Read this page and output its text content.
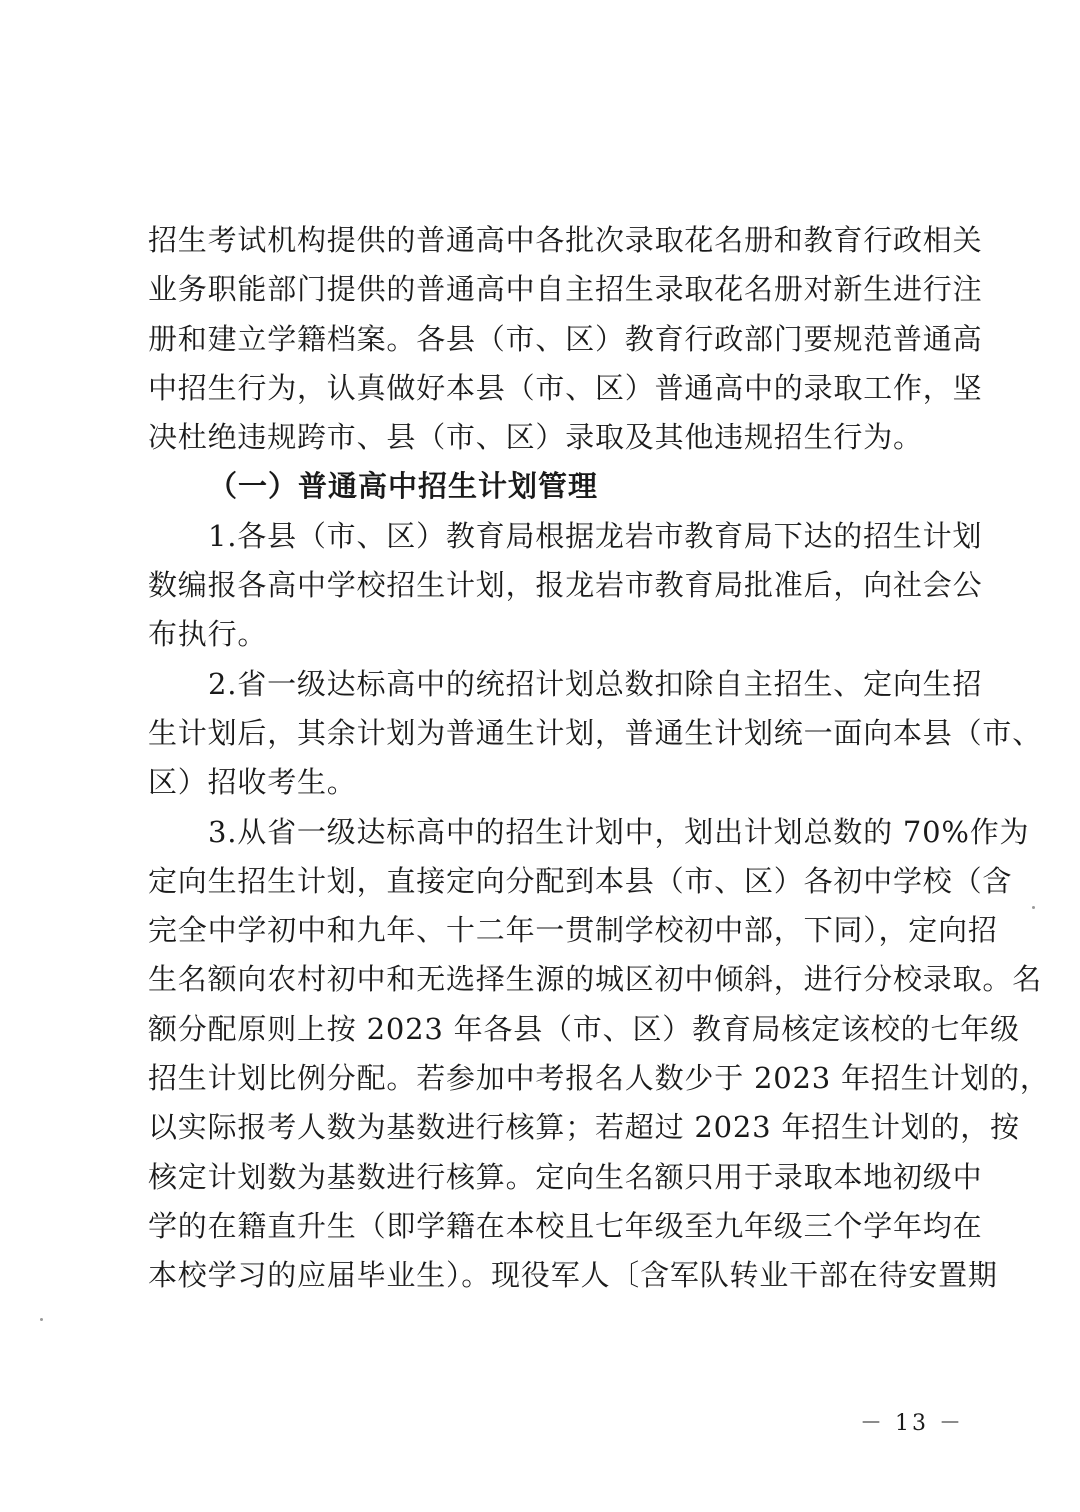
招生考试机构提供的普通高中各批次录取花名册和教育行政相关
业务职能部门提供的普通高中自主招生录取花名册对新生进行注
册和建立学籍档案。各县（市、区）教育行政部门要规范普通高
中招生行为，认真做好本县（市、区）普通高中的录取工作，坚
决杜绝违规跨市、县（市、区）录取及其他违规招生行为。
（一）普通高中招生计划管理
1.各县（市、区）教育局根据龙岩市教育局下达的招生计划
数编报各高中学校招生计划，报龙岩市教育局批准后，向社会公
布执行。
2.省一级达标高中的统招计划总数扣除自主招生、定向生招
生计划后，其余计划为普通生计划，普通生计划统一面向本县（市、
区）招收考生。
3.从省一级达标高中的招生计划中，划出计划总数的 70%作为
定向生招生计划，直接定向分配到本县（市、区）各初中学校（含
完全中学初中和九年、十二年一贯制学校初中部，下同），定向招
生名额向农村初中和无选择生源的城区初中倾斜，进行分校录取。名
额分配原则上按 2023 年各县（市、区）教育局核定该校的七年级
招生计划比例分配。若参加中考报名人数少于 2023 年招生计划的，
以实际报考人数为基数进行核算；若超过 2023 年招生计划的，按
核定计划数为基数进行核算。定向生名额只用于录取本地初级中
学的在籍直升生（即学籍在本校且七年级至九年级三个学年均在
本校学习的应届毕业生）。现役军人〔含军队转业干部在待安置期
－ 13 －
